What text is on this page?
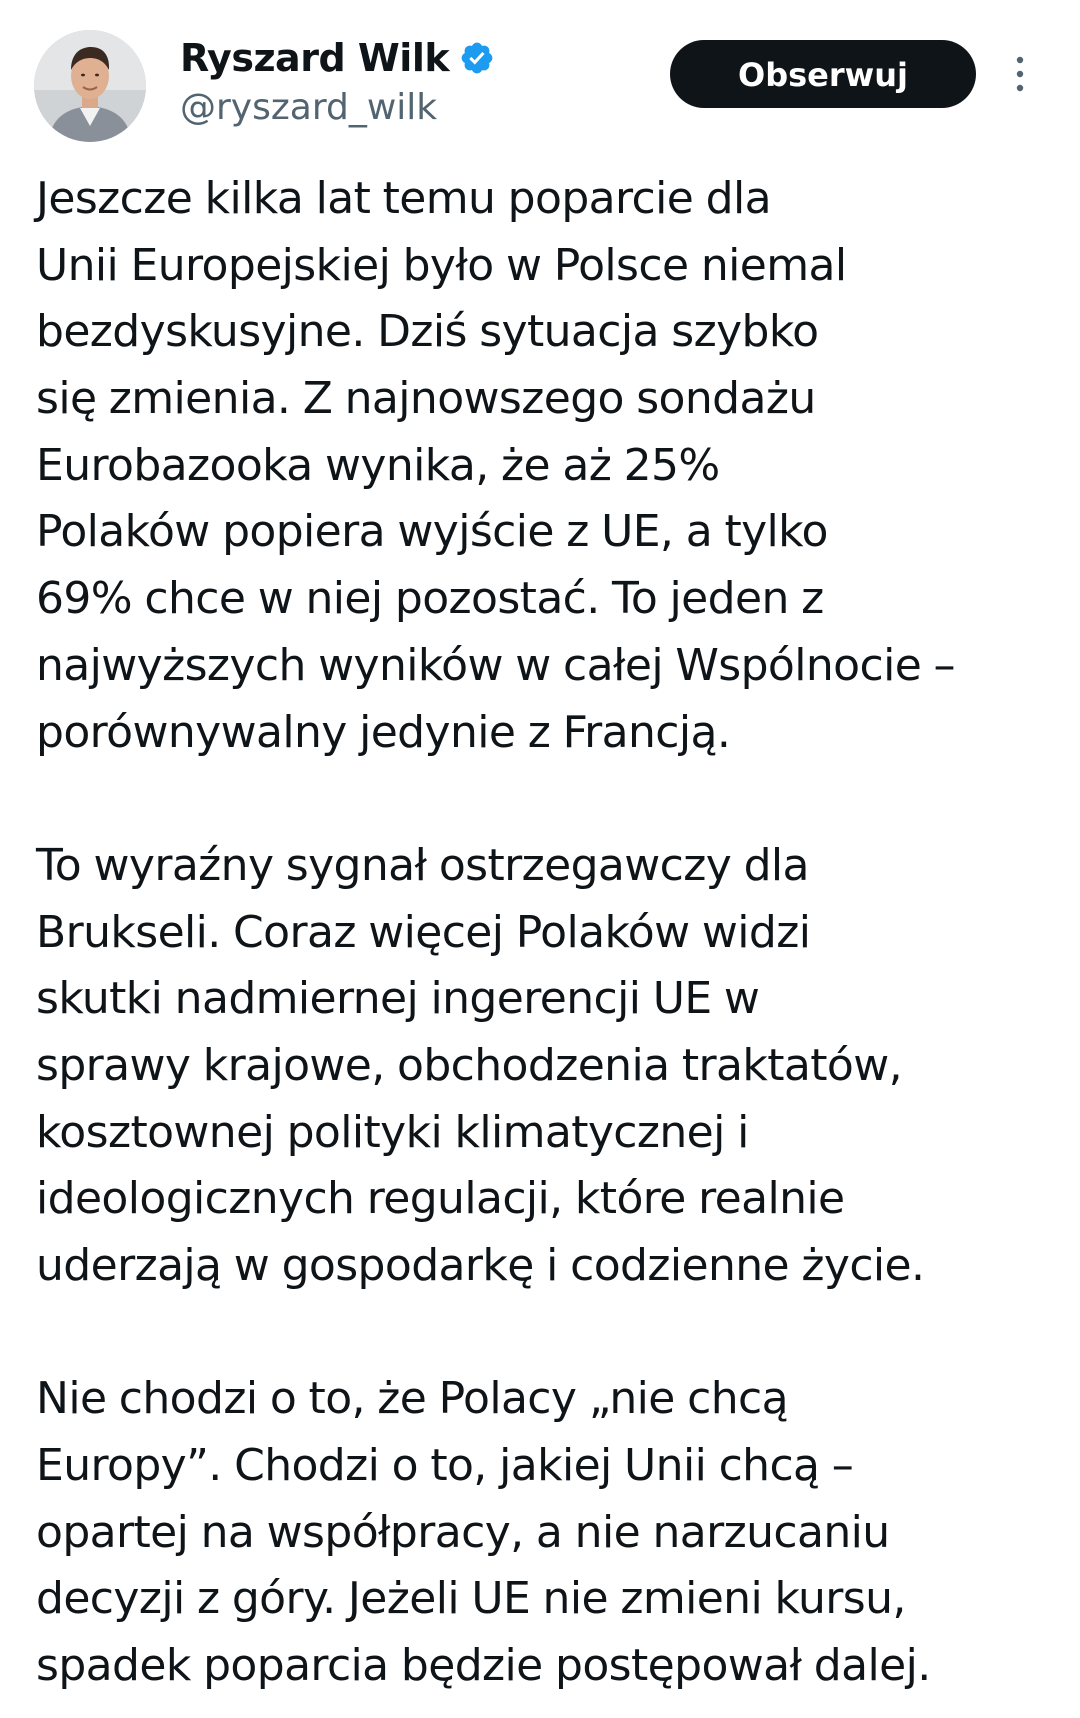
Ryszard Wilk
@ryszard_wilk
Obserwuj
Jeszcze kilka lat temu poparcie dla
Unii Europejskiej było w Polsce niemal
bezdyskusyjne. Dziś sytuacja szybko
się zmienia. Z najnowszego sondażu
Eurobazooka wynika, że aż 25%
Polaków popiera wyjście z UE, a tylko
69% chce w niej pozostać. To jeden z
najwyższych wyników w całej Wspólnocie –
porównywalny jedynie z Francją.
To wyraźny sygnał ostrzegawczy dla
Brukseli. Coraz więcej Polaków widzi
skutki nadmiernej ingerencji UE w
sprawy krajowe, obchodzenia traktatów,
kosztownej polityki klimatycznej i
ideologicznych regulacji, które realnie
uderzają w gospodarkę i codzienne życie.
Nie chodzi o to, że Polacy „nie chcą
Europy”. Chodzi o to, jakiej Unii chcą –
opartej na współpracy, a nie narzucaniu
decyzji z góry. Jeżeli UE nie zmieni kursu,
spadek poparcia będzie postępował dalej.
